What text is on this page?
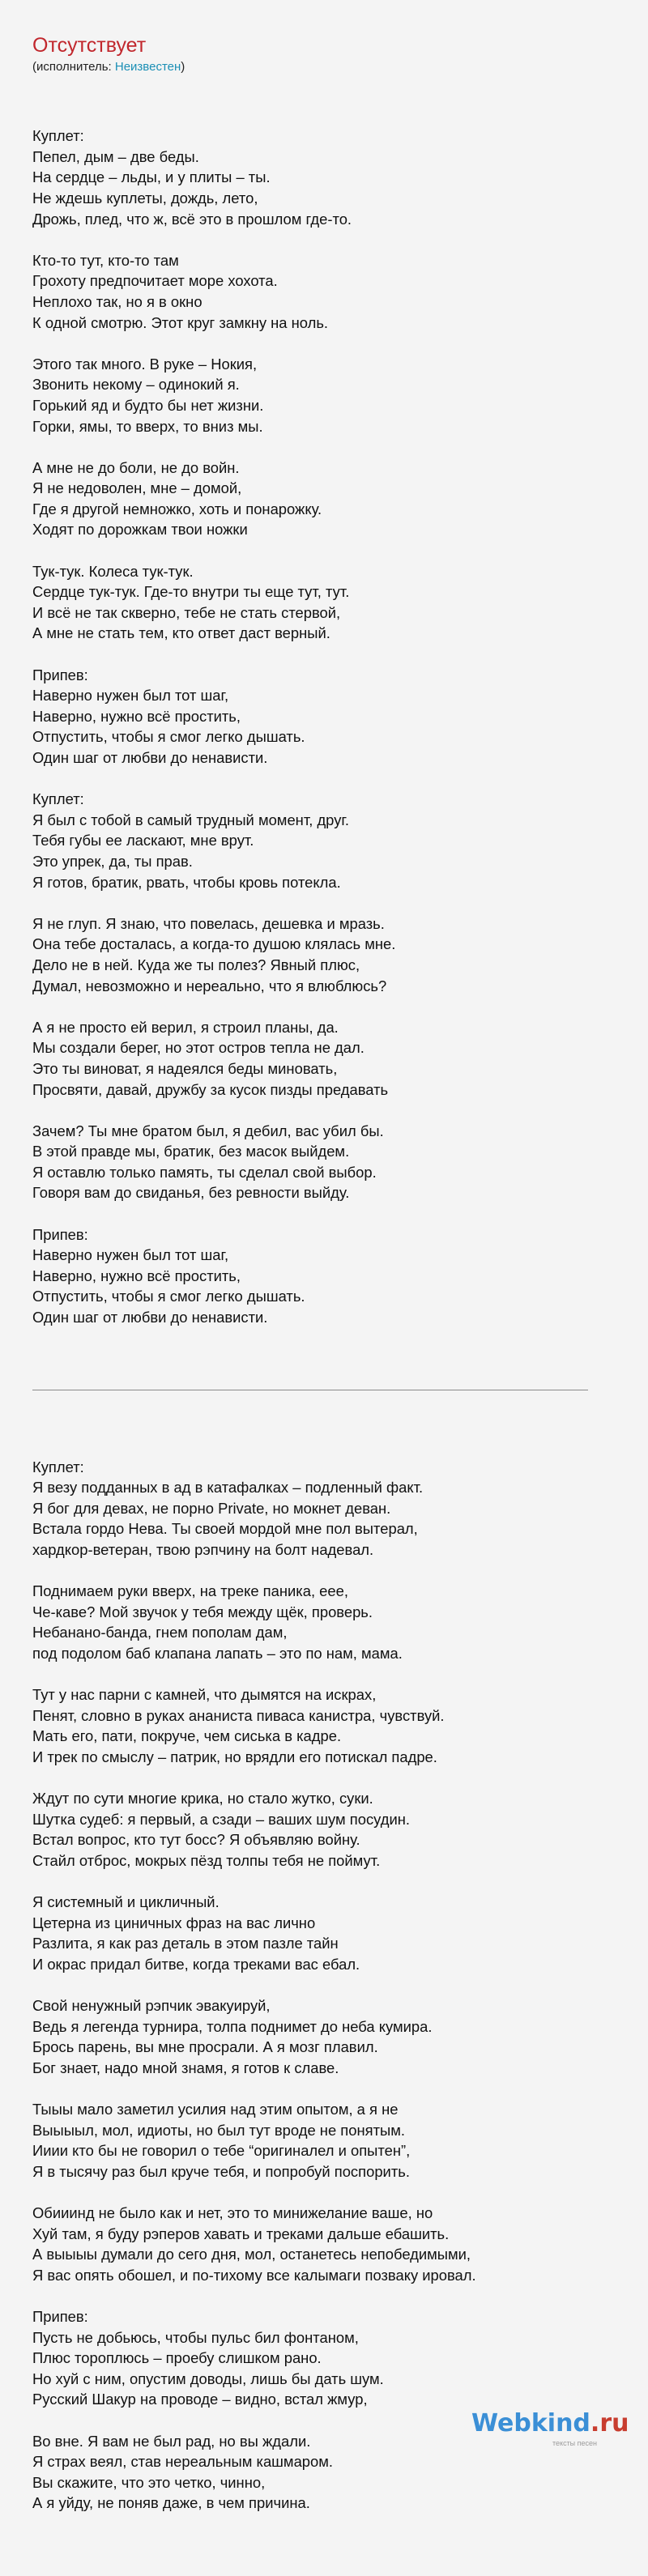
Отсутствует
(исполнитель: Неизвестен)

Куплет:
Пепел, дым – две беды.
На сердце – льды, и у плиты – ты.
Не ждешь куплеты, дождь, лето,
Дрожь, плед, что ж, всё это в прошлом где-то.
Кто-то тут, кто-то там
Грохоту предпочитает море хохота.
Неплохо так, но я в окно
К одной смотрю. Этот круг замкну на ноль.
Этого так много. В руке – Нокия,
Звонить некому – одинокий я.
Горький яд и будто бы нет жизни.
Горки, ямы, то вверх, то вниз мы.
А мне не до боли, не до войн.
Я не недоволен, мне – домой,
Где я другой немножко, хоть и понарожку.
Ходят по дорожкам твои ножки
Тук-тук. Колеса тук-тук.
Сердце тук-тук. Где-то внутри ты еще тут, тут.
И всё не так скверно, тебе не стать стервой,
А мне не стать тем, кто ответ даст верный.
Припев:
Наверно нужен был тот шаг,
Наверно, нужно всё простить,
Отпустить, чтобы я смог легко дышать.
Один шаг от любви до ненависти.
Куплет:
Я был с тобой в самый трудный момент, друг.
Тебя губы ее ласкают, мне врут.
Это упрек, да, ты прав.
Я готов, братик, рвать, чтобы кровь потекла.
Я не глуп. Я знаю, что повелась, дешевка и мразь.
Она тебе досталась, а когда-то душою клялась мне.
Дело не в ней. Куда же ты полез? Явный плюс,
Думал, невозможно и нереально, что я влюблюсь?
А я не просто ей верил, я строил планы, да.
Мы создали берег, но этот остров тепла не дал.
Это ты виноват, я надеялся беды миновать,
Просвяти, давай, дружбу за кусок пизды предавать
Зачем? Ты мне братом был, я дебил, вас убил бы.
В этой правде мы, братик, без масок выйдем.
Я оставлю только память, ты сделал свой выбор.
Говоря вам до свиданья, без ревности выйду.
Припев:
Наверно нужен был тот шаг,
Наверно, нужно всё простить,
Отпустить, чтобы я смог легко дышать.
Один шаг от любви до ненависти.

Куплет:
Я везу подданных в ад в катафалках – подленный факт.
Я бог для девах, не порно Private, но мокнет деван.
Встала гордо Нева. Ты своей мордой мне пол вытерал,
хардкор-ветеран, твою рэпчину на болт надевал.
Поднимаем руки вверх, на треке паника, еее,
Че-каве? Мой звучок у тебя между щёк, проверь.
Небанано-банда, гнем пополам дам,
под подолом баб клапана лапать – это по нам, мама.
Тут у нас парни с камней, что дымятся на искрах,
Пенят, словно в руках ананиста пиваса канистра, чувствуй.
Мать его, пати, покруче, чем сиська в кадре.
И трек по смыслу – патрик, но врядли его потискал падре.
Ждут по сути многие крика, но стало жутко, суки.
Шутка судеб: я первый, а сзади – ваших шум посудин.
Встал вопрос, кто тут босс? Я объявляю войну.
Стайл отброс, мокрых пёзд толпы тебя не поймут.
Я системный и цикличный.
Цетерна из циничных фраз на вас лично
Разлита, я как раз деталь в этом пазле тайн
И окрас придал битве, когда треками вас ебал.
Свой ненужный рэпчик эвакуируй,
Ведь я легенда турнира, толпа поднимет до неба кумира.
Брось парень, вы мне просрали. А я мозг плавил.
Бог знает, надо мной знамя, я готов к славе.
Тыыы мало заметил усилия над этим опытом, а я не
Выыыыл, мол, идиоты, но был тут вроде не понятым.
Ииии кто бы не говорил о тебе “оригиналел и опытен”,
Я в тысячу раз был круче тебя, и попробуй поспорить.
Обииинд не было как и нет, это то минижелание ваше, но
Хуй там, я буду рэперов хавать и треками дальше ебашить.
А выыыы думали до сего дня, мол, останетесь непобедимыми,
Я вас опять обошел, и по-тихому все калымаги позваку ировал.
Припев:
Пусть не добьюсь, чтобы пульс бил фонтаном,
Плюс тороплюсь – проебу слишком рано.
Но хуй с ним, опустим доводы, лишь бы дать шум.
Русский Шакур на проводе – видно, встал жмур,
Во вне. Я вам не был рад, но вы ждали.
Я страх веял, став нереальным кашмаром.
Вы скажите, что это четко, чинно,
А я уйду, не поняв даже, в чем причина.

Webkind.ru
тексты песен
